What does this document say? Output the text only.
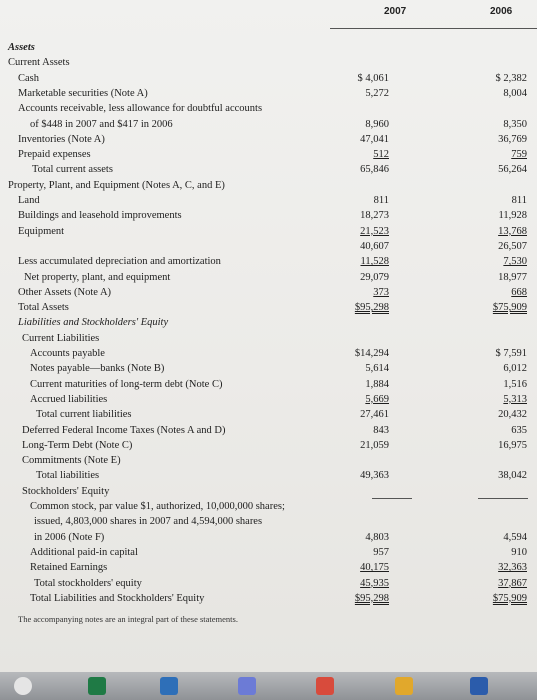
2007	2006
Assets
Current Assets
Cash	$ 4,061	$ 2,382
Marketable securities (Note A)	5,272	8,004
Accounts receivable, less allowance for doubtful accounts
of $448 in 2007 and $417 in 2006	8,960	8,350
Inventories (Note A)	47,041	36,769
Prepaid expenses	512	759
Total current assets	65,846	56,264
Property, Plant, and Equipment (Notes A, C, and E)
Land	811	811
Buildings and leasehold improvements	18,273	11,928
Equipment	21,523	13,768
40,607	26,507
Less accumulated depreciation and amortization	11,528	7,530
Net property, plant, and equipment	29,079	18,977
Other Assets (Note A)	373	668
Total Assets	$95,298	$75,909
Liabilities and Stockholders' Equity
Current Liabilities
Accounts payable	$14,294	$ 7,591
Notes payable—banks (Note B)	5,614	6,012
Current maturities of long-term debt (Note C)	1,884	1,516
Accrued liabilities	5,669	5,313
Total current liabilities	27,461	20,432
Deferred Federal Income Taxes (Notes A and D)	843	635
Long-Term Debt (Note C)	21,059	16,975
Commitments (Note E)
Total liabilities	49,363	38,042
Stockholders' Equity
Common stock, par value $1, authorized, 10,000,000 shares;
issued, 4,803,000 shares in 2007 and 4,594,000 shares
in 2006 (Note F)	4,803	4,594
Additional paid-in capital	957	910
Retained Earnings	40,175	32,363
Total stockholders' equity	45,935	37,867
Total Liabilities and Stockholders' Equity	$95,298	$75,909
The accompanying notes are an integral part of these statements.
